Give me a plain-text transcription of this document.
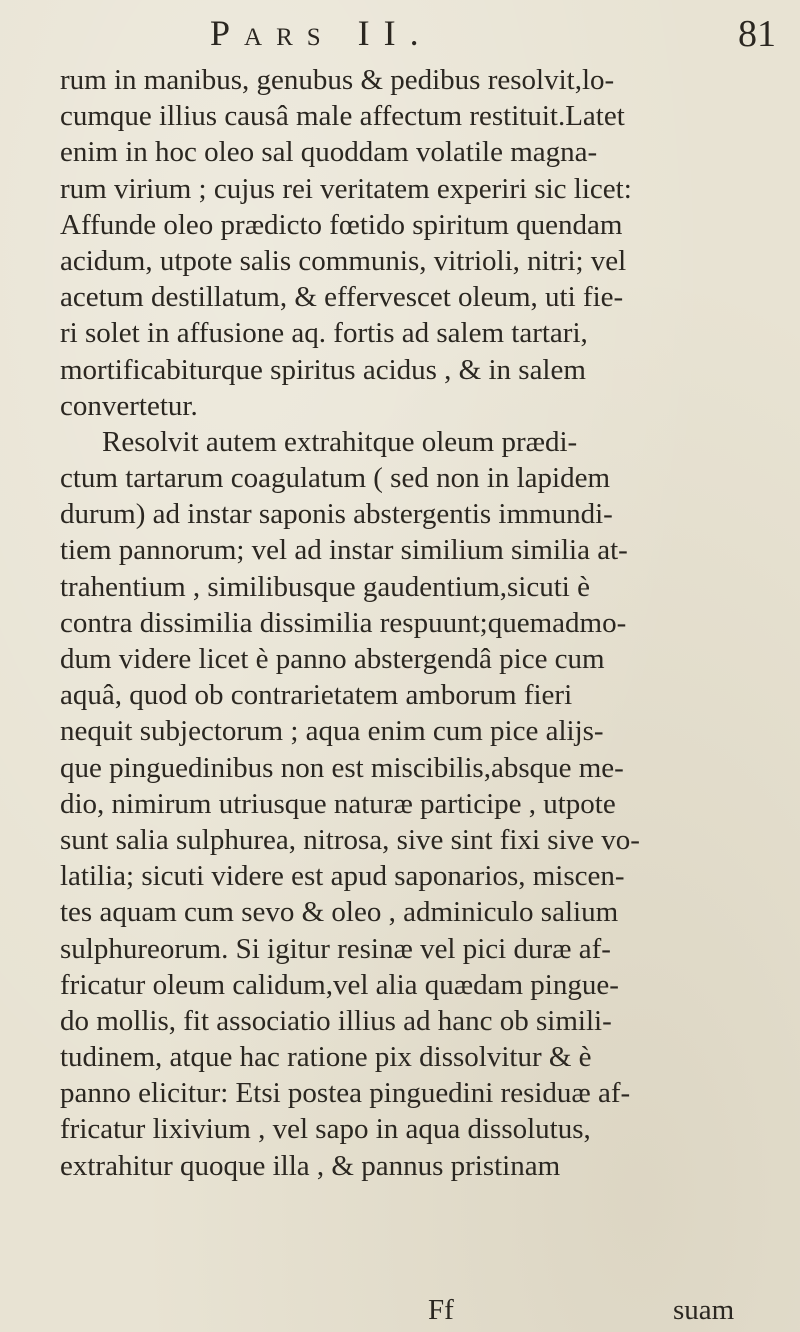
Pars II.	81
rum in manibus, genubus & pedibus resolvit,lo-
cumque illius causâ male affectum restituit.Latet
enim in hoc oleo sal quoddam volatile magna-
rum virium ; cujus rei veritatem experiri sic licet:
Affunde oleo prædicto fœtido spiritum quendam
acidum, utpote salis communis, vitrioli, nitri; vel
acetum destillatum, & effervescet oleum, uti fie-
ri solet in affusione aq. fortis ad salem tartari,
mortificabiturque spiritus acidus , & in salem
convertetur.
Resolvit autem extrahitque oleum prædi-
ctum tartarum coagulatum ( sed non in lapidem
durum) ad instar saponis abstergentis immundi-
tiem pannorum; vel ad instar similium similia at-
trahentium , similibusque gaudentium,sicuti è
contra dissimilia dissimilia respuunt;quemadmo-
dum videre licet è panno abstergendâ pice cum
aquâ, quod ob contrarietatem amborum fieri
nequit subjectorum ; aqua enim cum pice alijs-
que pinguedinibus non est miscibilis,absque me-
dio, nimirum utriusque naturæ participe , utpote
sunt salia sulphurea, nitrosa, sive sint fixi sive vo-
latilia; sicuti videre est apud saponarios, miscen-
tes aquam cum sevo & oleo , adminiculo salium
sulphureorum. Si igitur resinæ vel pici duræ af-
fricatur oleum calidum,vel alia quædam pingue-
do mollis, fit associatio illius ad hanc ob simili-
tudinem, atque hac ratione pix dissolvitur & è
panno elicitur: Etsi postea pinguedini residuæ af-
fricatur lixivium , vel sapo in aqua dissolutus,
extrahitur quoque illa , & pannus pristinam
Ff	suam
